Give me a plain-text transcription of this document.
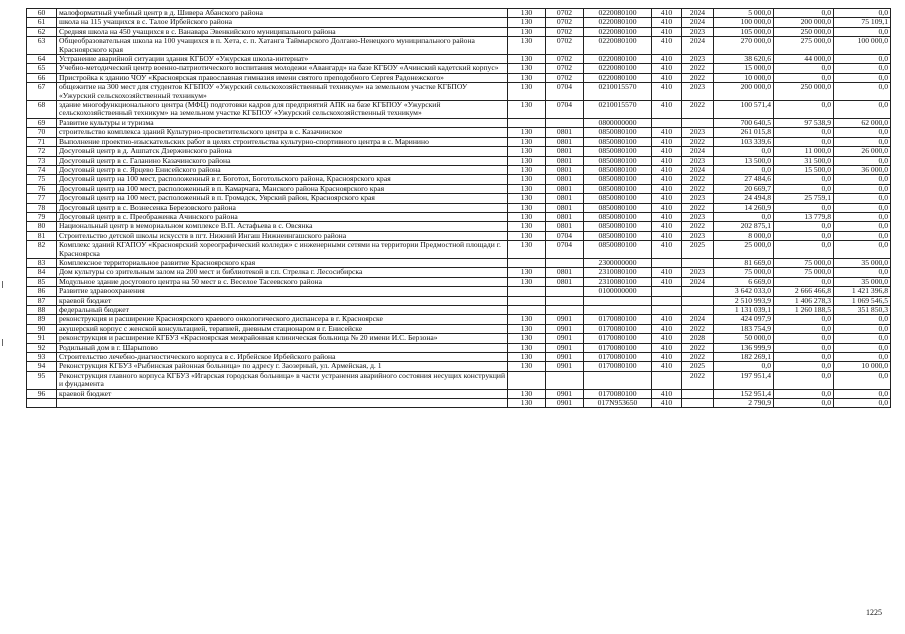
60	малоформатный учебный центр в д. Шивера Абанского района	130	0702	0220080100	410	2024	5 000,0	0,0	0,0
61	школа на 115 учащихся в с. Талое Ирбейского района	130	0702	0220080100	410	2024	100 000,0	200 000,0	75 109,1
62	Средняя школа на 450 учащихся в с. Ванавара Эвенкийского муниципального района	130	0702	0220080100	410	2023	105 000,0	250 000,0	0,0
63	Общеобразовательная школа на 100 учащихся в п. Хета, с. п. Хатанга Таймырского Долгано-Ненецкого муниципального района Красноярского края	130	0702	0220080100	410	2024	270 000,0	275 000,0	100 000,0
64	Устранение аварийной ситуации здания КГБОУ «Ужурская школа-интернат»	130	0702	0220080100	410	2023	38 620,6	44 000,0	0,0
65	Учебно-методический центр военно-патриотического воспитания молодежи «Авангард» на базе КГБОУ «Ачинский кадетский корпус»	130	0702	0220080100	410	2022	15 000,0	0,0	0,0
66	Пристройка к зданию ЧОУ «Красноярская православная гимназия имени святого преподобного Сергея Радонежского»	130	0702	0220080100	410	2022	10 000,0	0,0	0,0
67	общежитие на 300 мест для студентов КГБПОУ «Ужурский сельскохозяйственный техникум» на земельном участке КГБПОУ «Ужурский сельскохозяйственный техникум»	130	0704	0210015570	410	2023	200 000,0	250 000,0	0,0
68	здание многофункционального центра (МФЦ) подготовки кадров для предприятий АПК на базе КГБПОУ «Ужурский сельскохозяйственный техникум» на земельном участке КГБПОУ «Ужурский сельскохозяйственный техникум»	130	0704	0210015570	410	2022	100 571,4	0,0	0,0
69	Развитие культуры и туризма			0800000000			700 640,5	97 538,9	62 000,0
70	строительство комплекса зданий Культурно-просветительского центра в с. Казачинское	130	0801	0850080100	410	2023	261 015,8	0,0	0,0
71	Выполнение проектно-изыскательских работ в целях строительства культурно-спортивного центра в с. Маринино	130	0801	0850080100	410	2022	103 339,6	0,0	0,0
72	Досуговый центр в д. Ашпатск Дзержинского района	130	0801	0850080100	410	2024	0,0	11 000,0	26 000,0
73	Досуговый центр в с. Галанино Казачинского района	130	0801	0850080100	410	2023	13 500,0	31 500,0	0,0
74	Досуговый центр в с. Ярцево Енисейского района	130	0801	0850080100	410	2024	0,0	15 500,0	36 000,0
75	Досуговый центр на 100 мест, расположенный в г. Боготол, Боготольского района, Красноярского края	130	0801	0850080100	410	2022	27 484,6	0,0	0,0
76	Досуговый центр на 100 мест, расположенный в п. Камарчага, Манского района Красноярского края	130	0801	0850080100	410	2022	20 669,7	0,0	0,0
77	Досуговый центр на 100 мест, расположенный в п. Громадск, Уярский район, Красноярского края	130	0801	0850080100	410	2023	24 494,8	25 759,1	0,0
78	Досуговый центр в с. Вознесенка Березовского района	130	0801	0850080100	410	2022	14 260,9	0,0	0,0
79	Досуговый центр в с. Преображенка Ачинского района	130	0801	0850080100	410	2023	0,0	13 779,8	0,0
80	Национальный центр в мемориальном комплексе В.П. Астафьева в с. Овсянка	130	0801	0850080100	410	2022	202 875,1	0,0	0,0
81	Строительство детской школы искусств в пгт. Нижний Ингаш Нижнеингашского района	130	0704	0850080100	410	2023	8 000,0	0,0	0,0
82	Комплекс зданий КГАПОУ «Красноярский хореографический колледж» с инженерными сетями на территории Предмостной площади г. Красноярска	130	0704	0850080100	410	2025	25 000,0	0,0	0,0
83	Комплексное территориальное развитие Красноярского края			2300000000			81 669,0	75 000,0	35 000,0
84	Дом культуры со зрительным залом на 200 мест и библиотекой в г.п. Стрелка г. Лесосибирска	130	0801	2310080100	410	2023	75 000,0	75 000,0	0,0
85	Модульное здание досугового центра на 50 мест в с. Веселое Тасеевского района	130	0801	2310080100	410	2024	6 669,0	0,0	35 000,0
86	Развитие здравоохранения			0100000000			3 642 033,0	2 666 466,8	1 421 396,8
87	краевой бюджет						2 510 993,9	1 406 278,3	1 069 546,5
88	федеральный бюджет						1 131 039,1	1 260 188,5	351 850,3
89	реконструкция и расширение Красноярского краевого онкологического диспансера в г. Красноярске	130	0901	0170080100	410	2024	424 097,9	0,0	0,0
90	акушерский корпус с женской консультацией, терапией, дневным стационаром в г. Енисейске	130	0901	0170080100	410	2022	183 754,9	0,0	0,0
91	реконструкция и расширение КГБУЗ «Красноярская межрайонная клиническая больница № 20 имени И.С. Берзона»	130	0901	0170080100	410	2028	50 000,0	0,0	0,0
92	Родильный дом в г. Шарыпово	130	0901	0170080100	410	2022	136 999,9	0,0	0,0
93	Строительство лечебно-диагностического корпуса в с. Ирбейское Ирбейского района	130	0901	0170080100	410	2022	182 269,1	0,0	0,0
94	Реконструкция КГБУЗ «Рыбинская районная больница» по адресу г. Заозерный, ул. Армейская, д. 1	130	0901	0170080100	410	2025	0,0	0,0	10 000,0
95	Реконструкция главного корпуса КГБУЗ «Игарская городская больница» в части устранения аварийного состояния несущих конструкций и фундамента					2022	197 951,4	0,0	0,0
96	краевой бюджет	130	0901	0170080100	410		152 951,4	0,0	0,0
		130	0901	017N953650	410		2 790,9	0,0	0,0
1225
